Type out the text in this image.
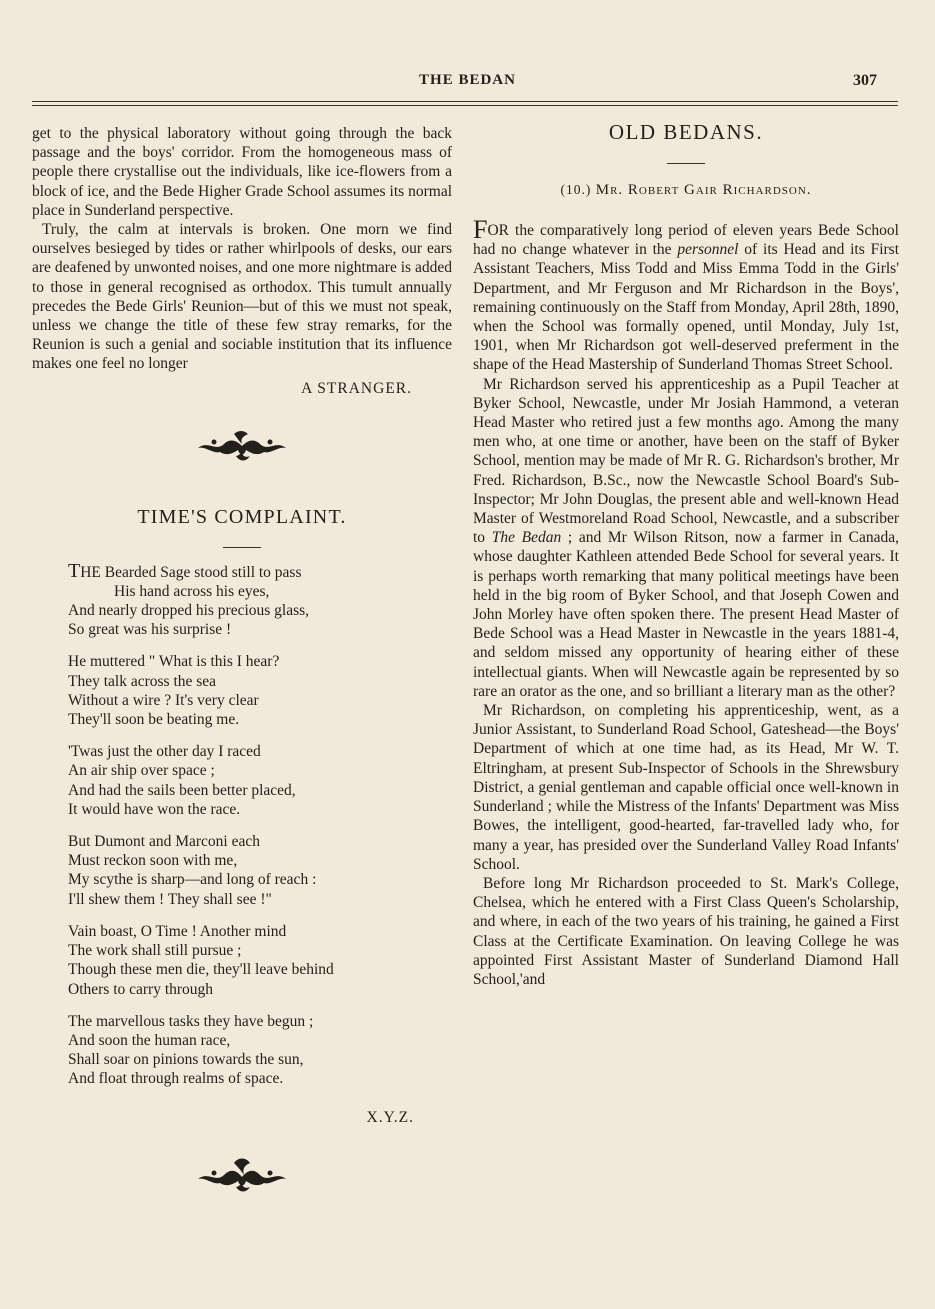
THE BEDAN	307

get to the physical laboratory without going through the back passage and the boys' corridor. From the homogeneous mass of people there crystallise out the individuals, like ice-flowers from a block of ice, and the Bede Higher Grade School assumes its normal place in Sunderland perspective.

Truly, the calm at intervals is broken. One morn we find ourselves besieged by tides or rather whirlpools of desks, our ears are deafened by unwonted noises, and one more nightmare is added to those in general recognised as orthodox. This tumult annually precedes the Bede Girls' Reunion—but of this we must not speak, unless we change the title of these few stray remarks, for the Reunion is such a genial and sociable institution that its influence makes one feel no longer

A STRANGER.
TIME'S COMPLAINT.
THE Bearded Sage stood still to pass
His hand across his eyes,
And nearly dropped his precious glass,
So great was his surprise !
He muttered " What is this I hear?
They talk across the sea
Without a wire ? It's very clear
They'll soon be beating me.
'Twas just the other day I raced
An air ship over space ;
And had the sails been better placed,
It would have won the race.
But Dumont and Marconi each
Must reckon soon with me,
My scythe is sharp—and long of reach :
I'll shew them ! They shall see !"
Vain boast, O Time ! Another mind
The work shall still pursue ;
Though these men die, they'll leave behind
Others to carry through
The marvellous tasks they have begun ;
And soon the human race,
Shall soar on pinions towards the sun,
And float through realms of space.
X.Y.Z.
OLD BEDANS.
(10.) Mr. Robert Gair Richardson.

FOR the comparatively long period of eleven years Bede School had no change whatever in the personnel of its Head and its First Assistant Teachers, Miss Todd and Miss Emma Todd in the Girls' Department, and Mr Ferguson and Mr Richardson in the Boys', remaining continuously on the Staff from Monday, April 28th, 1890, when the School was formally opened, until Monday, July 1st, 1901, when Mr Richardson got well-deserved preferment in the shape of the Head Mastership of Sunderland Thomas Street School.

Mr Richardson served his apprenticeship as a Pupil Teacher at Byker School, Newcastle, under Mr Josiah Hammond, a veteran Head Master who retired just a few months ago. Among the many men who, at one time or another, have been on the staff of Byker School, mention may be made of Mr R. G. Richardson's brother, Mr Fred. Richardson, B.Sc., now the Newcastle School Board's Sub-Inspector; Mr John Douglas, the present able and well-known Head Master of Westmoreland Road School, Newcastle, and a subscriber to The Bedan ; and Mr Wilson Ritson, now a farmer in Canada, whose daughter Kathleen attended Bede School for several years. It is perhaps worth remarking that many political meetings have been held in the big room of Byker School, and that Joseph Cowen and John Morley have often spoken there. The present Head Master of Bede School was a Head Master in Newcastle in the years 1881-4, and seldom missed any opportunity of hearing either of these intellectual giants. When will Newcastle again be represented by so rare an orator as the one, and so brilliant a literary man as the other?

Mr Richardson, on completing his apprenticeship, went, as a Junior Assistant, to Sunderland Road School, Gateshead—the Boys' Department of which at one time had, as its Head, Mr W. T. Eltringham, at present Sub-Inspector of Schools in the Shrewsbury District, a genial gentleman and capable official once well-known in Sunderland ; while the Mistress of the Infants' Department was Miss Bowes, the intelligent, good-hearted, far-travelled lady who, for many a year, has presided over the Sunderland Valley Road Infants' School.

Before long Mr Richardson proceeded to St. Mark's College, Chelsea, which he entered with a First Class Queen's Scholarship, and where, in each of the two years of his training, he gained a First Class at the Certificate Examination. On leaving College he was appointed First Assistant Master of Sunderland Diamond Hall School,'and
